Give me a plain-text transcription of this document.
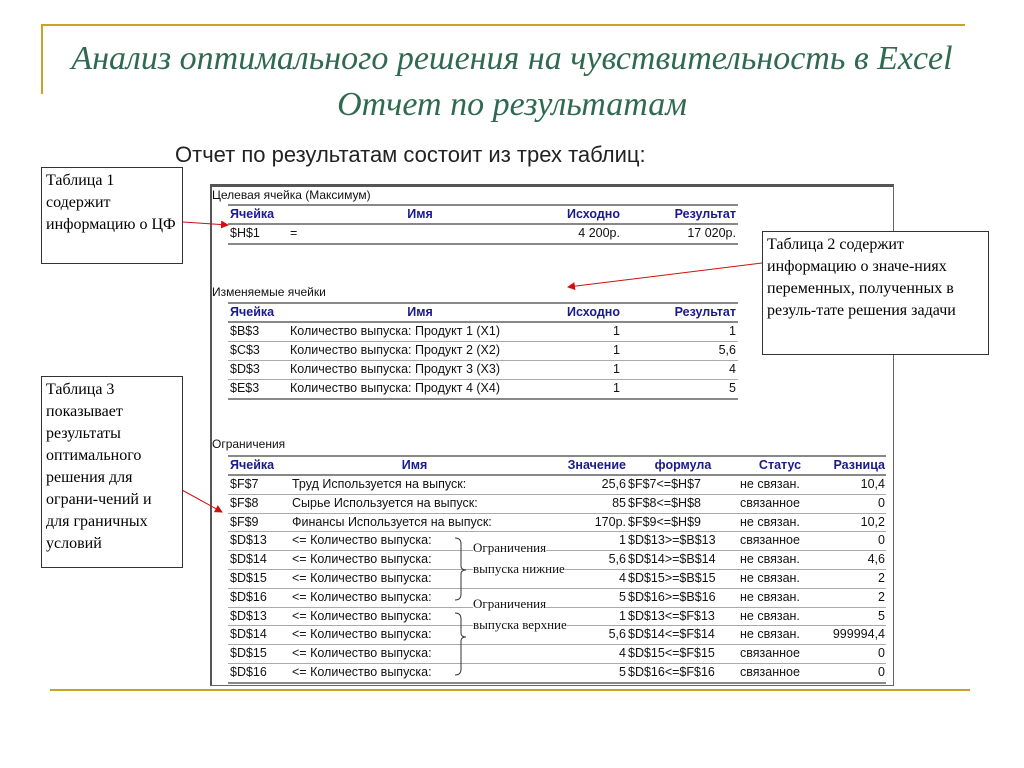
Анализ оптимального решения на чувствительность в Excel
Отчет по результатам
Отчет по результатам состоит из трех таблиц:
Целевая ячейка (Максимум)
Ячейка	Имя	Исходно	Результат
$H$1	=	4 200р.	17 020р.
Изменяемые ячейки
Ячейка	Имя	Исходно	Результат
$B$3	Количество выпуска: Продукт 1 (X1)	1	1
$C$3	Количество выпуска: Продукт 2 (X2)	1	5,6
$D$3	Количество выпуска: Продукт 3 (X3)	1	4
$E$3	Количество выпуска: Продукт 4 (X4)	1	5
Ограничения
Ячейка	Имя	Значение	формула	Статус	Разница
$F$7	Труд Используется на выпуск:	25,6 $F$7<=$H$7	не связан.	10,4
$F$8	Сырье Используется на выпуск:	85 $F$8<=$H$8	связанное	0
$F$9	Финансы Используется на выпуск:	170р. $F$9<=$H$9	не связан.	10,2
$D$13	<= Количество выпуска:	1 $D$13>=$B$13	связанное	0
$D$14	<= Количество выпуска:	5,6 $D$14>=$B$14	не связан.	4,6
$D$15	<= Количество выпуска:	4 $D$15>=$B$15	не связан.	2
$D$16	<= Количество выпуска:	5 $D$16>=$B$16	не связан.	2
$D$13	<= Количество выпуска:	1 $D$13<=$F$13	не связан.	5
$D$14	<= Количество выпуска:	5,6 $D$14<=$F$14	не связан.	999994,4
$D$15	<= Количество выпуска:	4 $D$15<=$F$15	связанное	0
$D$16	<= Количество выпуска:	5 $D$16<=$F$16	связанное	0
Ограничения
выпуска нижние
Ограничения
выпуска верхние
Таблица 1 содержит информацию о ЦФ
Таблица 2 содержит информацию о значе-ниях переменных, полученных в резуль-тате решения задачи
Таблица 3 показывает результаты оптимального решения для ограни-чений и для граничных условий
